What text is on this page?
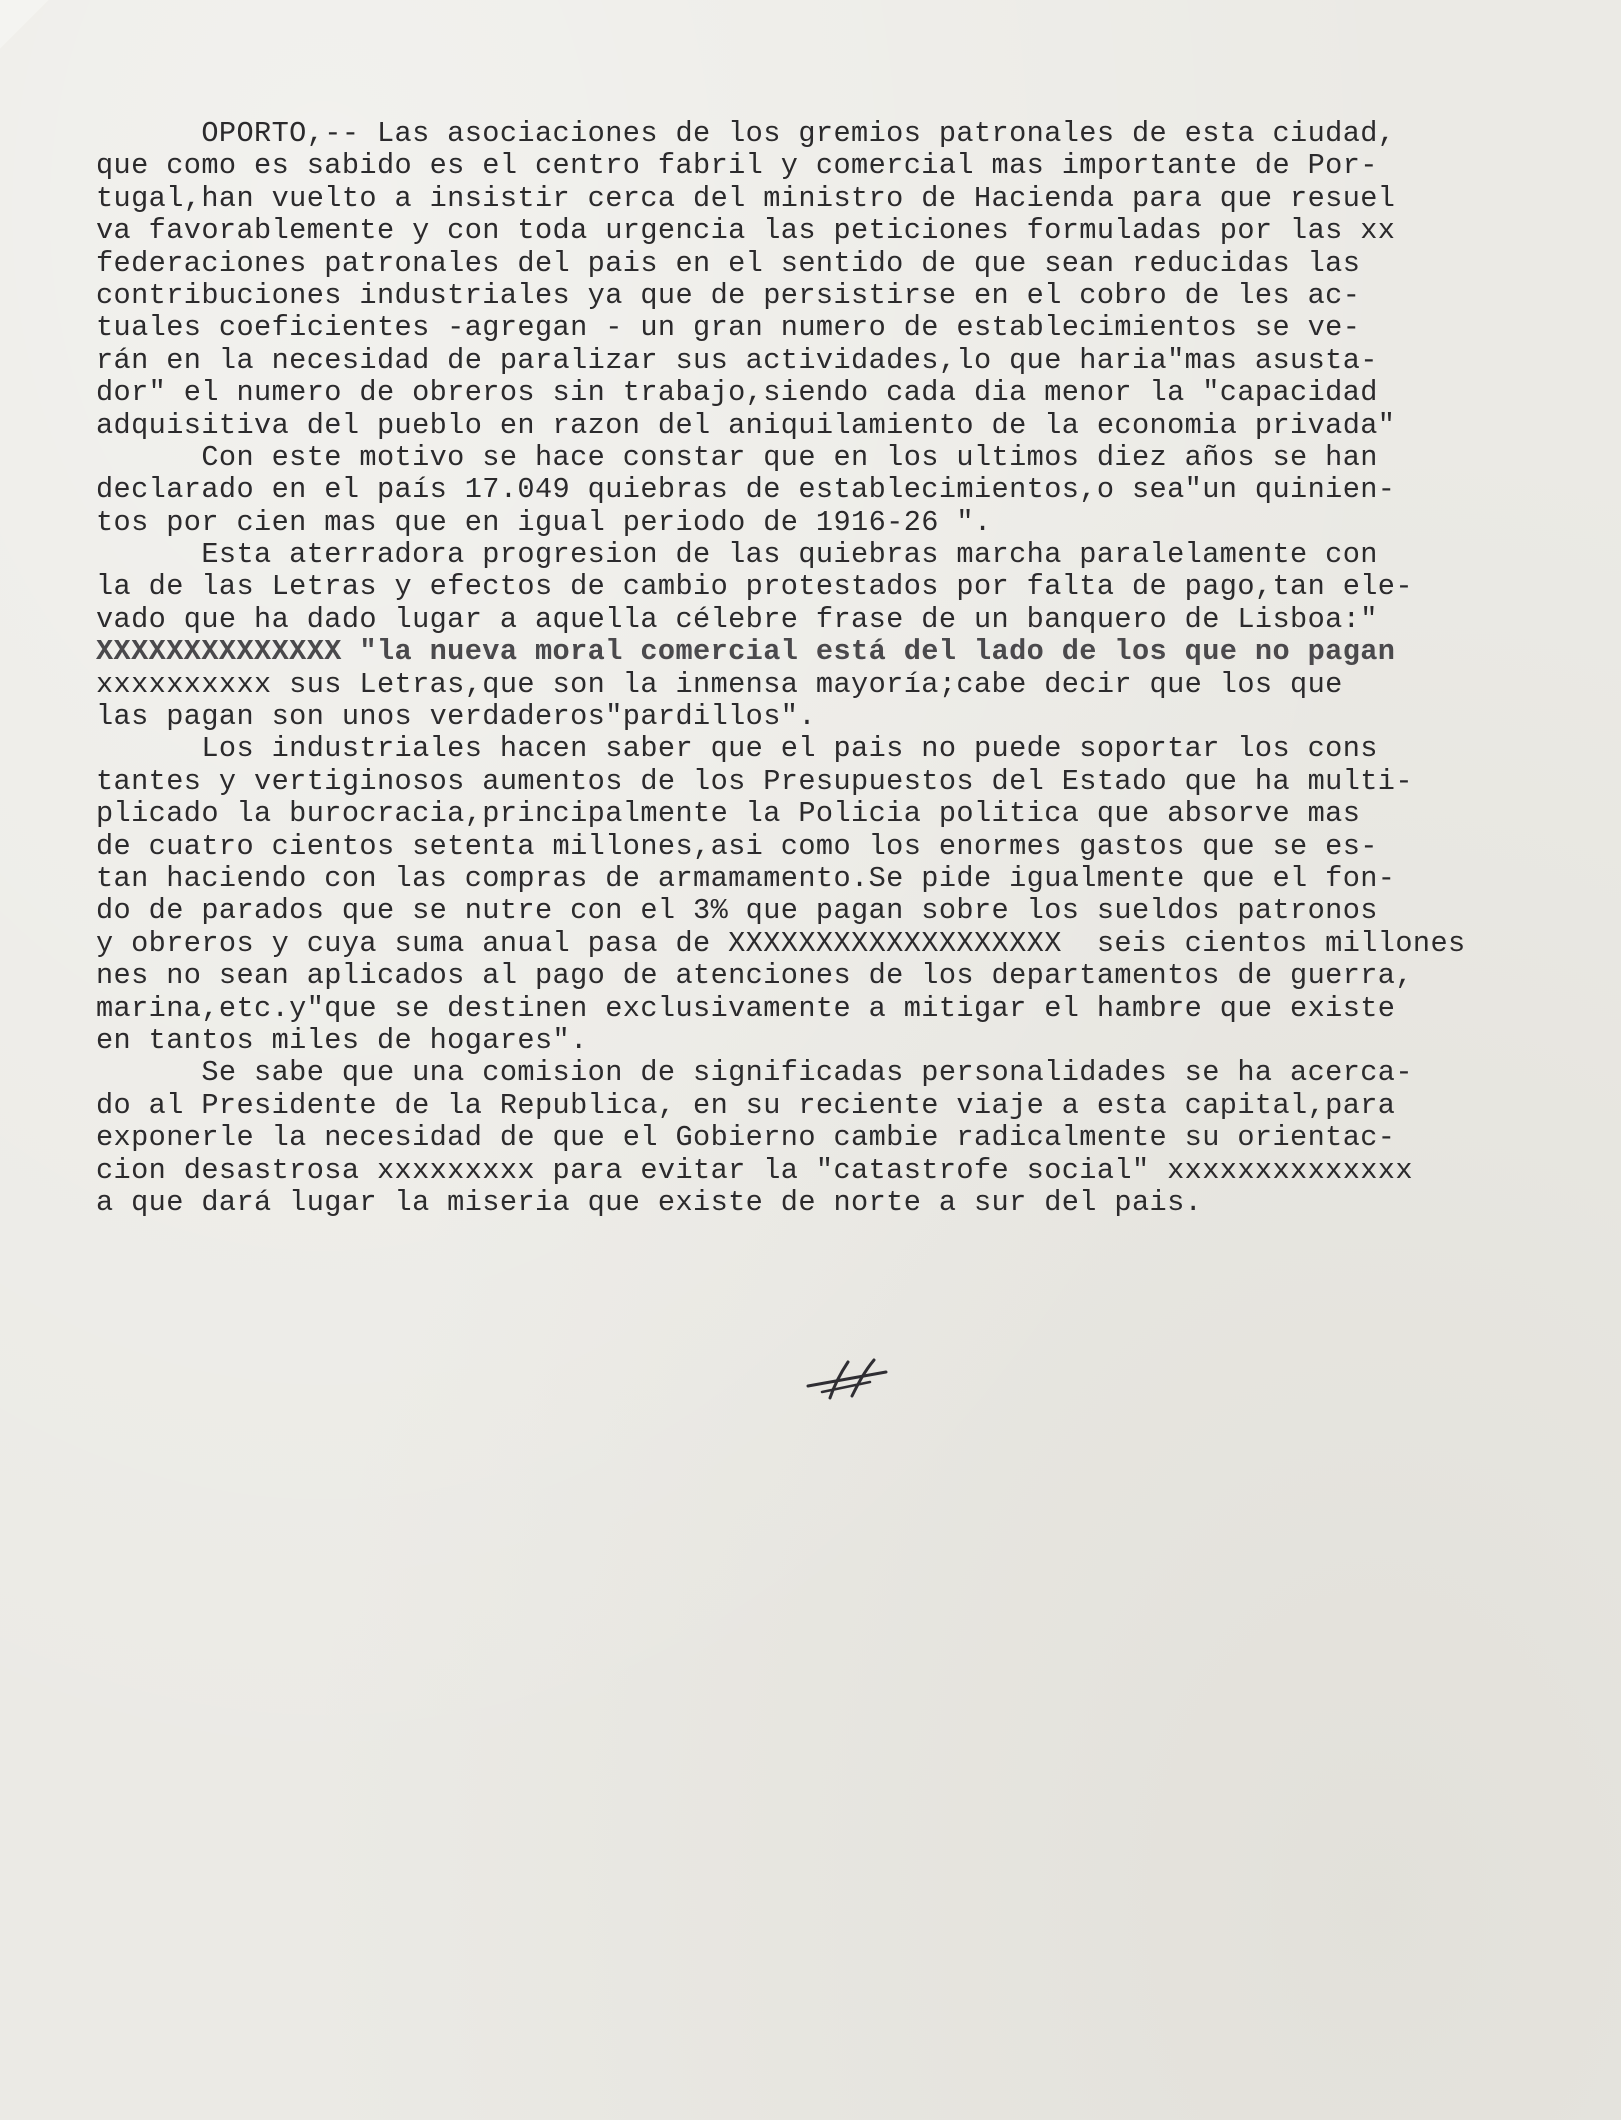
OPORTO,-- Las asociaciones de los gremios patronales de esta ciudad,
que como es sabido es el centro fabril y comercial mas importante de Por-
tugal,han vuelto a insistir cerca del ministro de Hacienda para que resuel
va favorablemente y con toda urgencia las peticiones formuladas por las xx
federaciones patronales del pais en el sentido de que sean reducidas las
contribuciones industriales ya que de persistirse en el cobro de les ac-
tuales coeficientes -agregan - un gran numero de establecimientos se ve-
rán en la necesidad de paralizar sus actividades,lo que haria"mas asusta-
dor" el numero de obreros sin trabajo,siendo cada dia menor la "capacidad
adquisitiva del pueblo en razon del aniquilamiento de la economia privada"
Con este motivo se hace constar que en los ultimos diez años se han
declarado en el país 17.049 quiebras de establecimientos,o sea"un quinien-
tos por cien mas que en igual periodo de 1916-26 ".
Esta aterradora progresion de las quiebras marcha paralelamente con
la de las Letras y efectos de cambio protestados por falta de pago,tan ele-
vado que ha dado lugar a aquella célebre frase de un banquero de Lisboa:"
XXXXXXXXXXXXXX "la nueva moral comercial está del lado de los que no pagan
xxxxxxxxxx sus Letras,que son la inmensa mayoría;cabe decir que los que
las pagan son unos verdaderos"pardillos".
Los industriales hacen saber que el pais no puede soportar los cons
tantes y vertiginosos aumentos de los Presupuestos del Estado que ha multi-
plicado la burocracia,principalmente la Policia politica que absorve mas
de cuatro cientos setenta millones,asi como los enormes gastos que se es-
tan haciendo con las compras de armamamento.Se pide igualmente que el fon-
do de parados que se nutre con el 3% que pagan sobre los sueldos patronos
y obreros y cuya suma anual pasa de XXXXXXXXXXXXXXXXXXX  seis cientos millones
nes no sean aplicados al pago de atenciones de los departamentos de guerra,
marina,etc.y"que se destinen exclusivamente a mitigar el hambre que existe
en tantos miles de hogares".
Se sabe que una comision de significadas personalidades se ha acerca-
do al Presidente de la Republica, en su reciente viaje a esta capital,para
exponerle la necesidad de que el Gobierno cambie radicalmente su orientac-
cion desastrosa xxxxxxxxx para evitar la "catastrofe social" xxxxxxxxxxxxxx
a que dará lugar la miseria que existe de norte a sur del pais.
